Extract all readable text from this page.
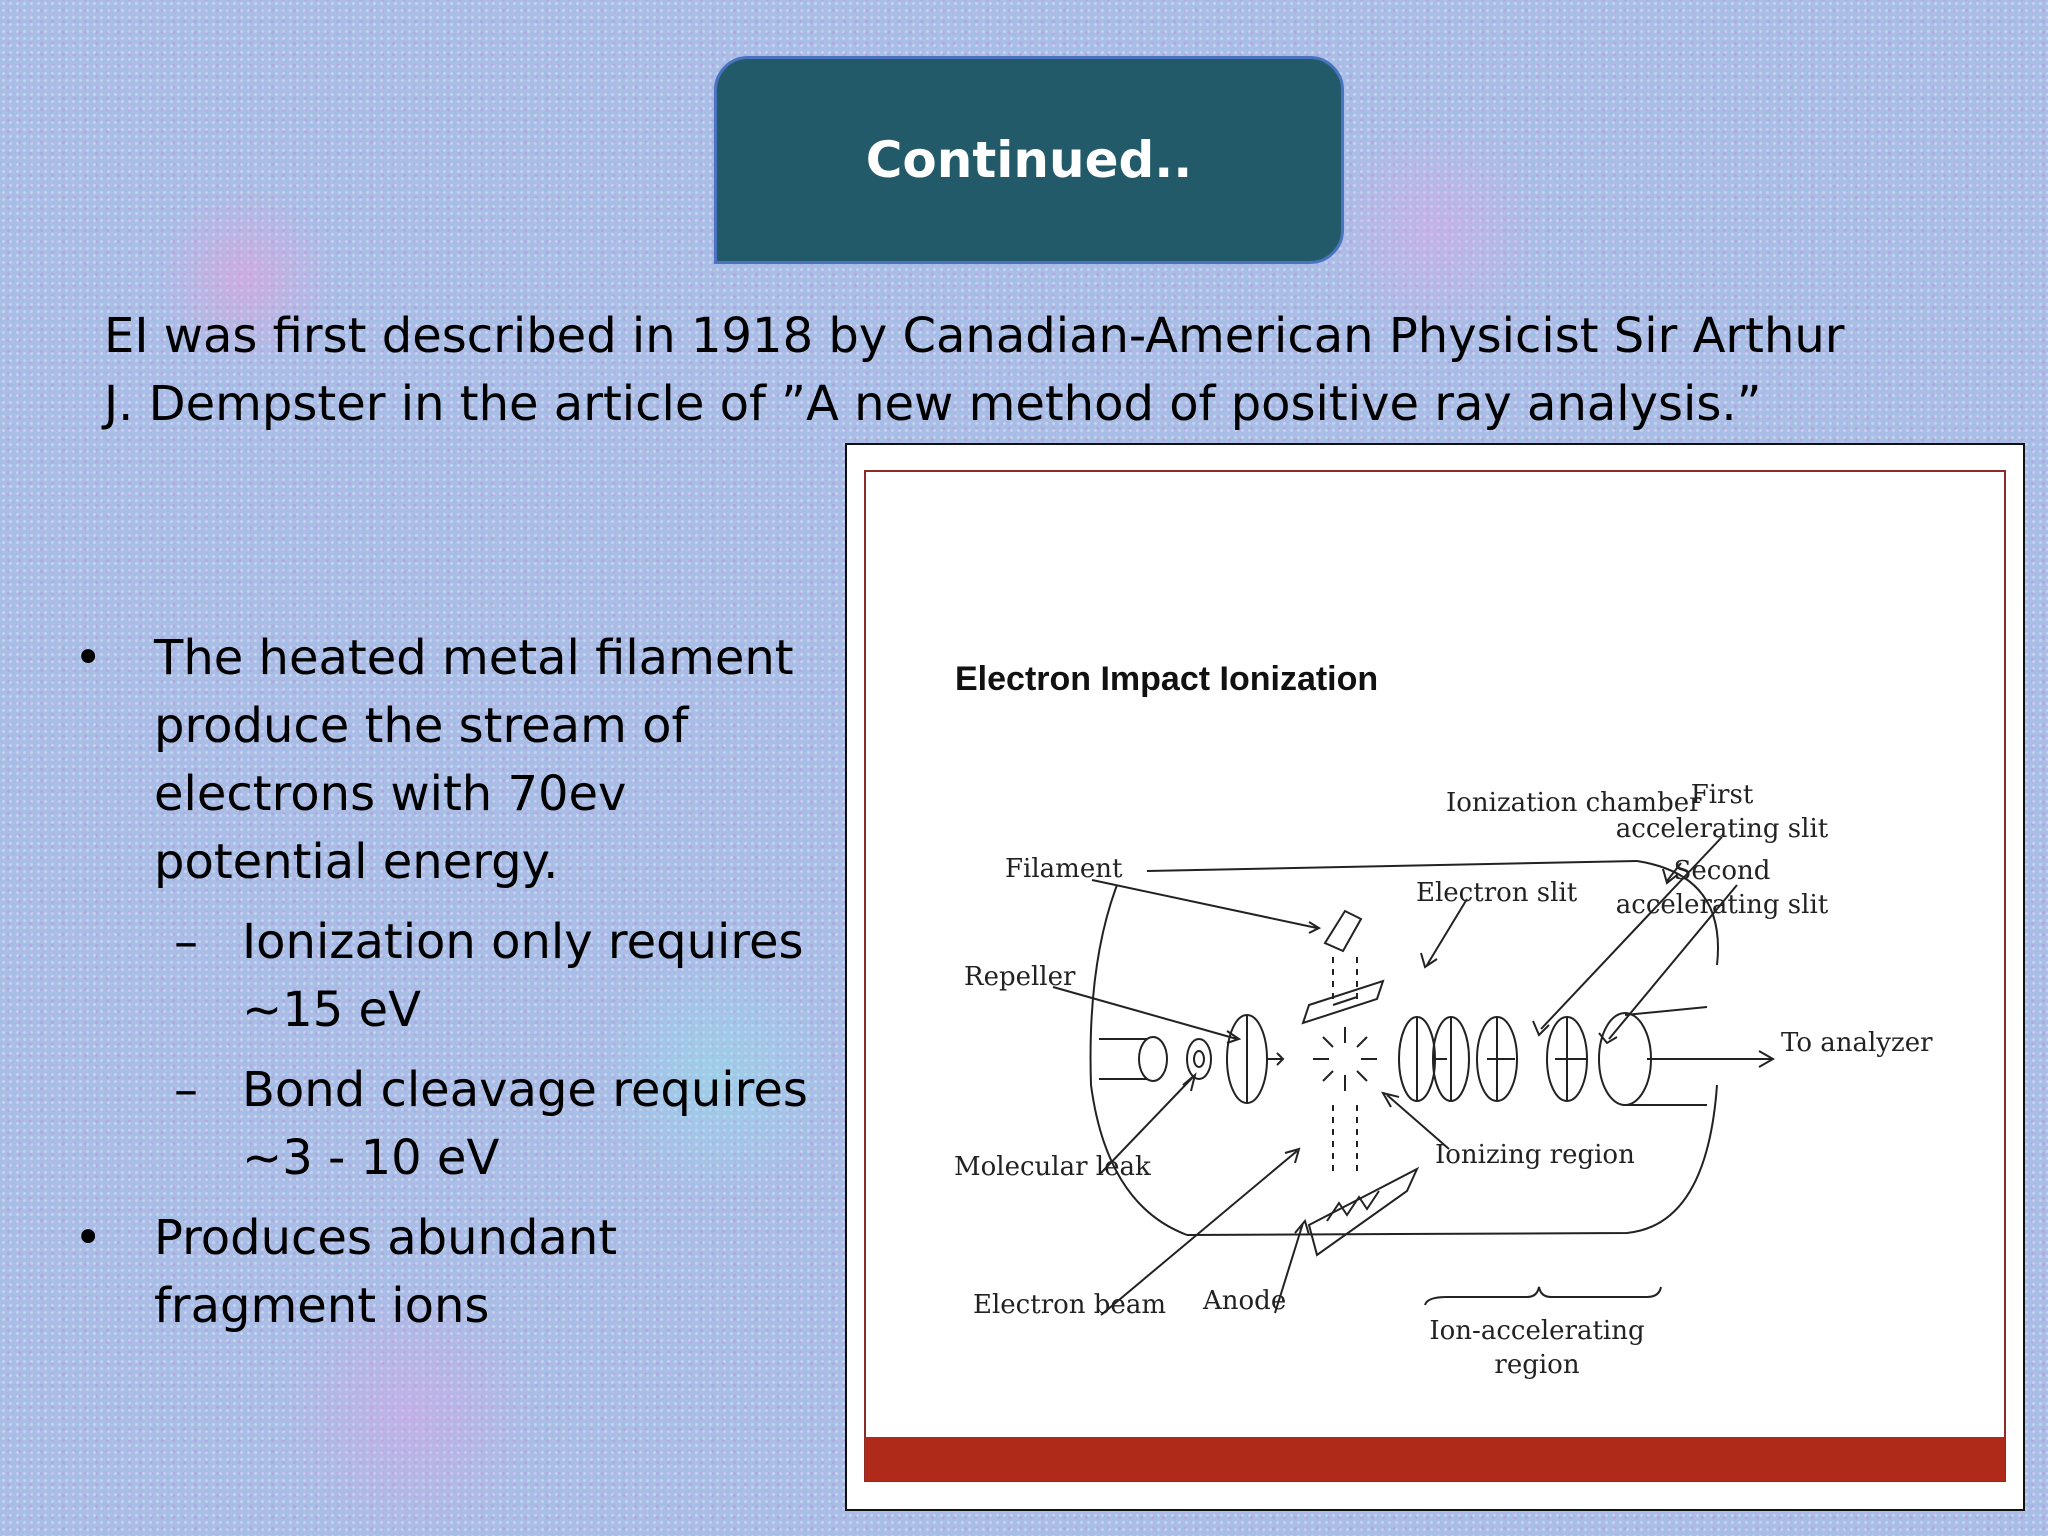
Continued..
EI was first described in 1918 by Canadian-American Physicist Sir Arthur
J. Dempster in the article of ”A new method of positive ray analysis.”
• The heated metal filament
produce the stream of
electrons with 70ev
potential energy.
– Ionization only requires
~15 eV
– Bond cleavage requires
~3 - 10 eV
• Produces abundant
fragment ions
Electron Impact Ionization
Ionization chamber
First
accelerating slit
Second
accelerating slit
Filament
Electron slit
Repeller
To analyzer
Molecular leak	Ionizing region
Electron beam Anode
Ion-accelerating
region
